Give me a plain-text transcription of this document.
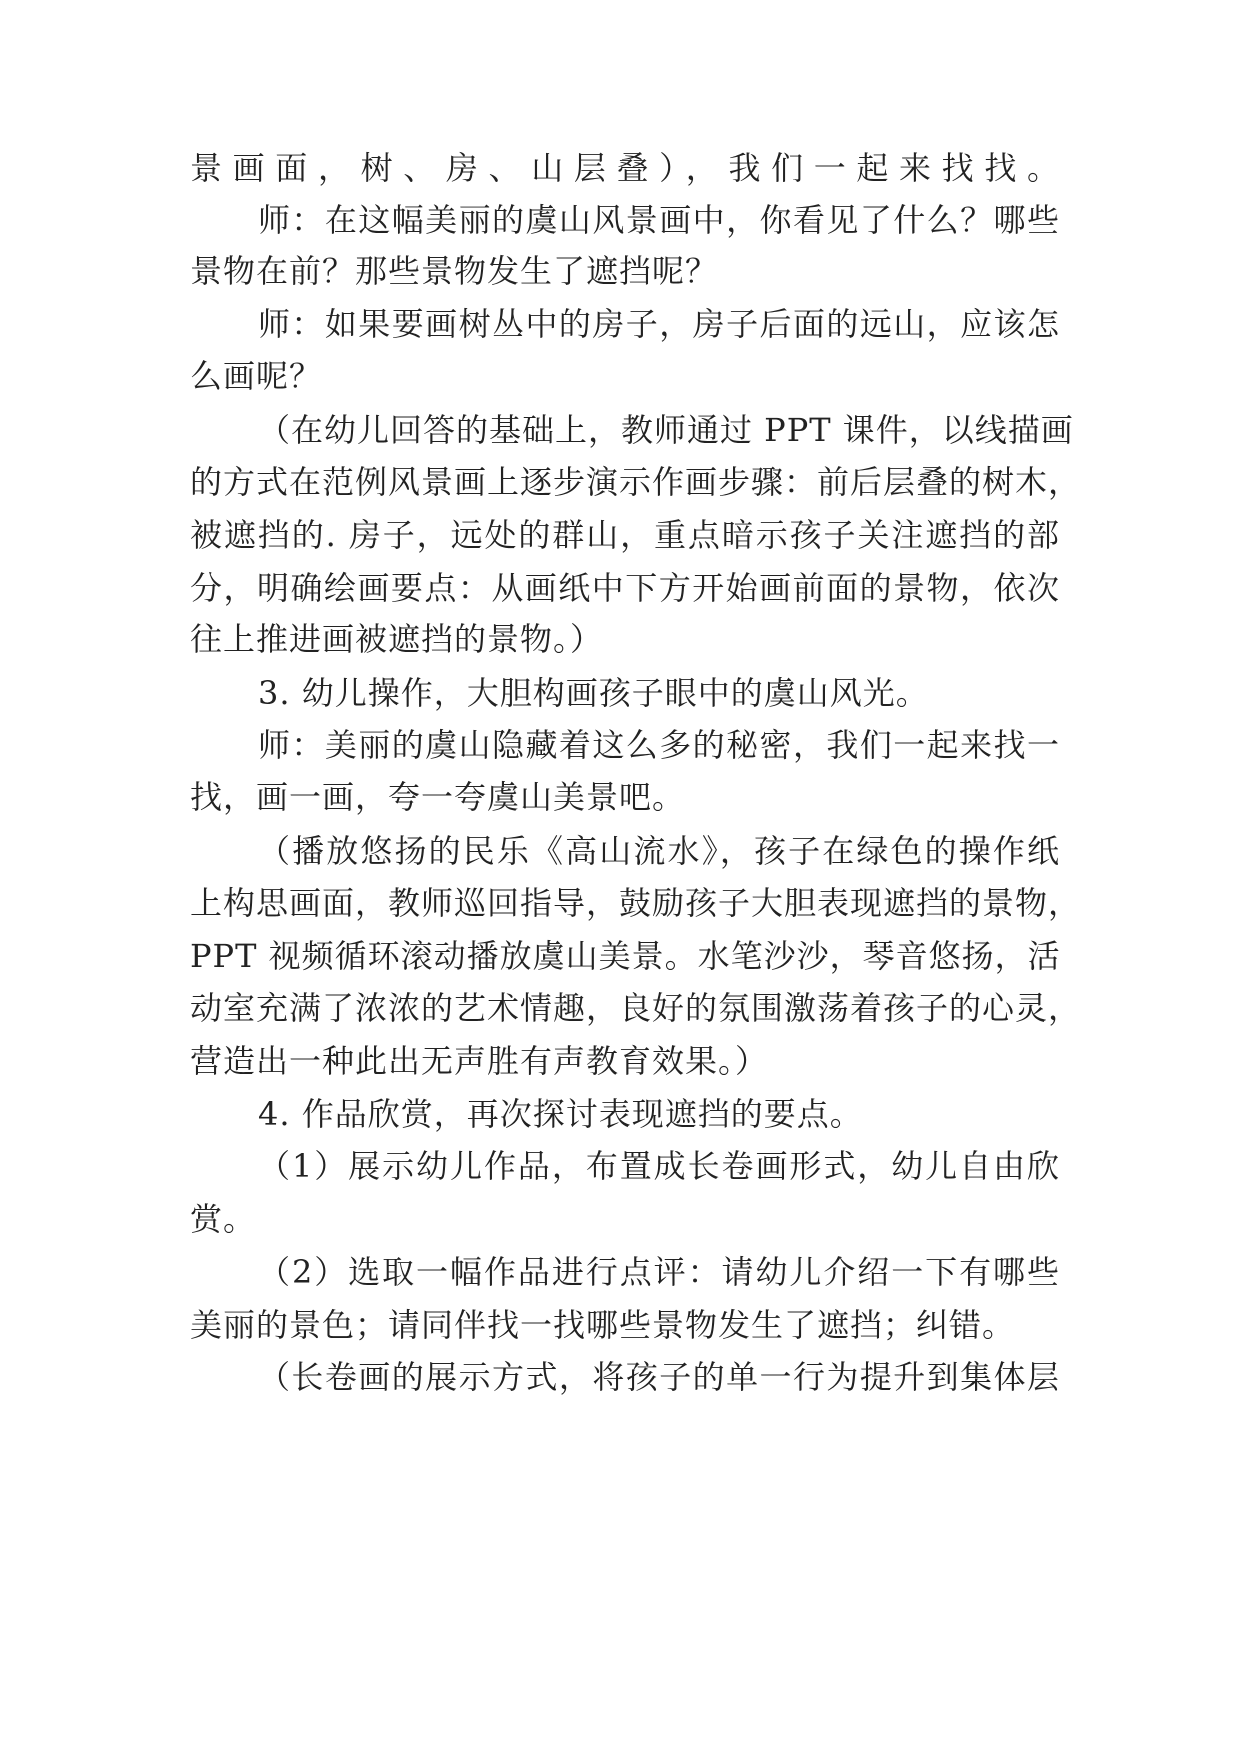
景画面，树、房、山层叠），我们一起来找找。
师：在这幅美丽的虞山风景画中，你看见了什么？哪些
景物在前？那些景物发生了遮挡呢？
师：如果要画树丛中的房子，房子后面的远山，应该怎
么画呢？
（在幼儿回答的基础上，教师通过 PPT 课件，以线描画
的方式在范例风景画上逐步演示作画步骤：前后层叠的树木，
被遮挡的. 房子，远处的群山，重点暗示孩子关注遮挡的部
分，明确绘画要点：从画纸中下方开始画前面的景物，依次
往上推进画被遮挡的景物。）
3. 幼儿操作，大胆构画孩子眼中的虞山风光。
师：美丽的虞山隐藏着这么多的秘密，我们一起来找一
找，画一画，夸一夸虞山美景吧。
（播放悠扬的民乐《高山流水》，孩子在绿色的操作纸
上构思画面，教师巡回指导，鼓励孩子大胆表现遮挡的景物，
PPT 视频循环滚动播放虞山美景。水笔沙沙，琴音悠扬，活
动室充满了浓浓的艺术情趣，良好的氛围激荡着孩子的心灵，
营造出一种此出无声胜有声教育效果。）
4. 作品欣赏，再次探讨表现遮挡的要点。
（1）展示幼儿作品，布置成长卷画形式，幼儿自由欣
赏。
（2）选取一幅作品进行点评：请幼儿介绍一下有哪些
美丽的景色；请同伴找一找哪些景物发生了遮挡；纠错。
（长卷画的展示方式，将孩子的单一行为提升到集体层
